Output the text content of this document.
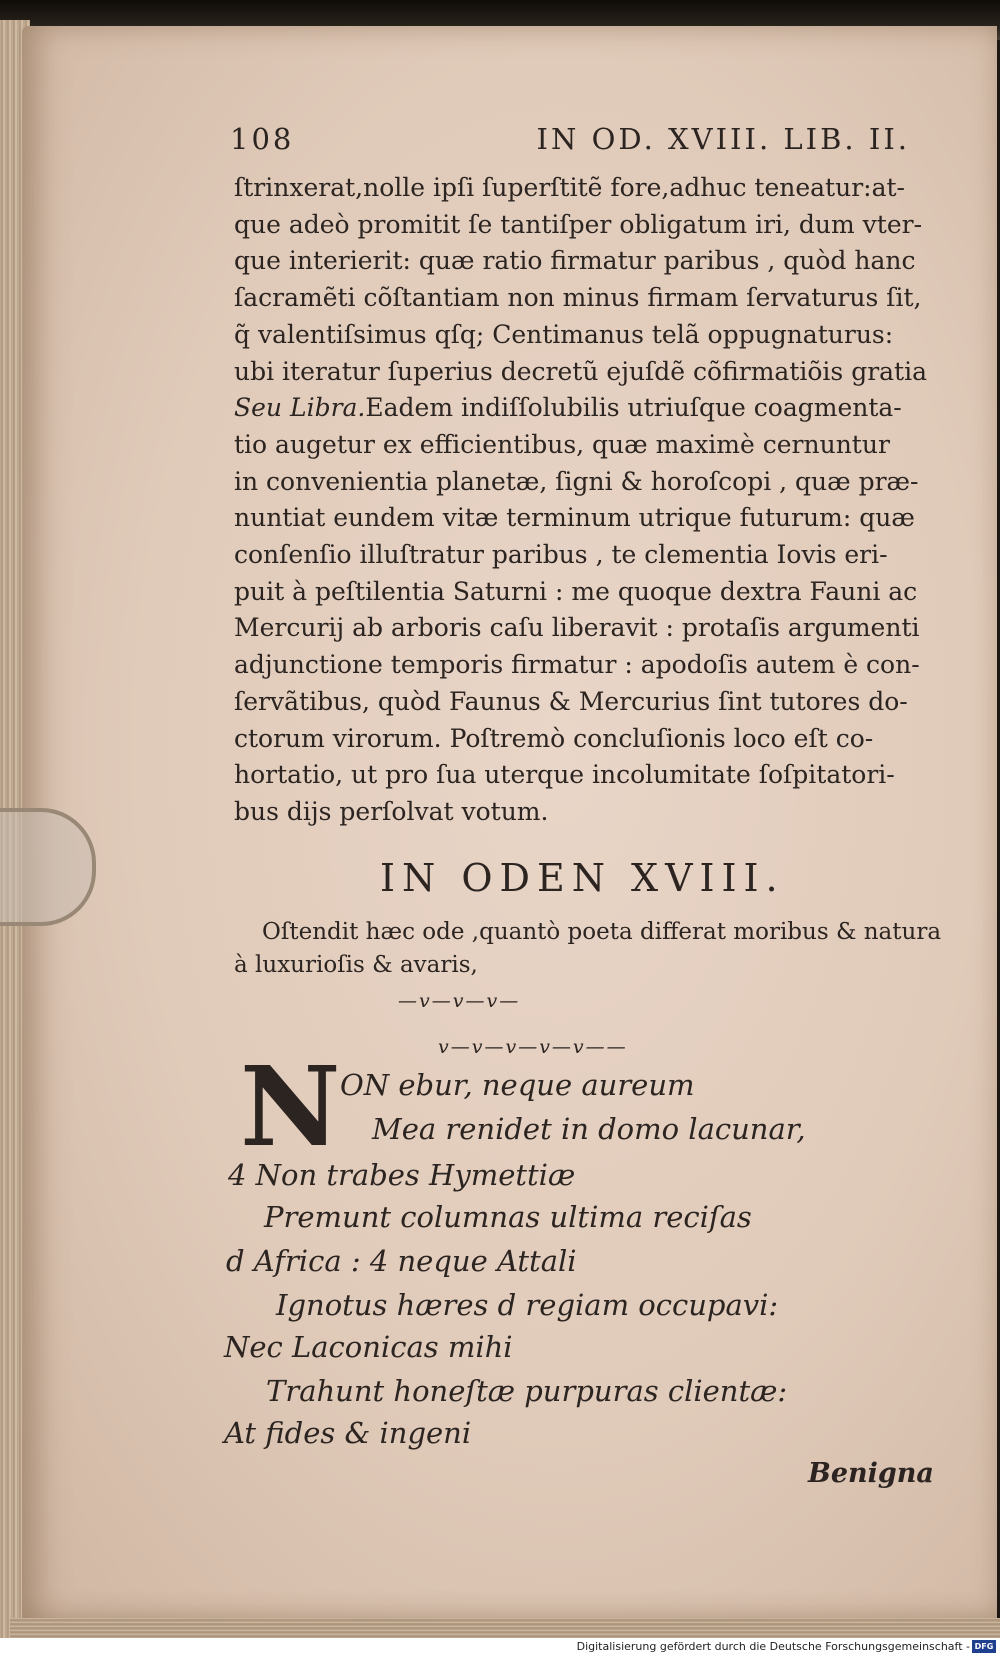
108	IN OD. XVIII. LIB. II.
ſtrinxerat,nolle ipſi ſuperſtitẽ fore,adhuc teneatur:at-
que adeò promitit ſe tantiſper obligatum iri, dum vter-
que interierit: quæ ratio firmatur paribus , quòd hanc
ſacramẽti cõſtantiam non minus firmam ſervaturus ſit,
q̃ valentiſsimus qſq; Centimanus telã oppugnaturus:
ubi iteratur ſuperius decretũ ejuſdẽ cõfirmatiõis gratia
Seu Libra.Eadem indiſſolubilis utriuſque coagmenta-
tio augetur ex efficientibus, quæ maximè cernuntur
in convenientia planetæ, ſigni & horoſcopi , quæ præ-
nuntiat eundem vitæ terminum utrique futurum: quæ
conſenſio illuſtratur paribus , te clementia Iovis eri-
puit à peſtilentia Saturni : me quoque dextra Fauni ac
Mercurij ab arboris caſu liberavit : protaſis argumenti
adjunctione temporis firmatur : apodoſis autem è con-
ſervãtibus, quòd Faunus & Mercurius ſint tutores do-
ctorum virorum. Poſtremò concluſionis loco eſt co-
hortatio, ut pro ſua uterque incolumitate ſoſpitatori-
bus dijs perſolvat votum.
IN ODEN XVIII.
Oſtendit hæc ode ,quantò poeta differat moribus & natura
à luxurioſis & avaris,
—v—v—v—
v—v—v—v—v——
N ON ebur, neque aureum
Mea renidet in domo lacunar,
4 Non trabes Hymettiæ
Premunt columnas ultima reciſas
d Africa : 4 neque Attali
Ignotus hæres d regiam occupavi:
Nec Laconicas mihi
Trahunt honeſtæ purpuras clientæ:
At fides & ingeni
Benigna
Digitalisierung gefördert durch die Deutsche Forschungsgemeinschaft - DFG
